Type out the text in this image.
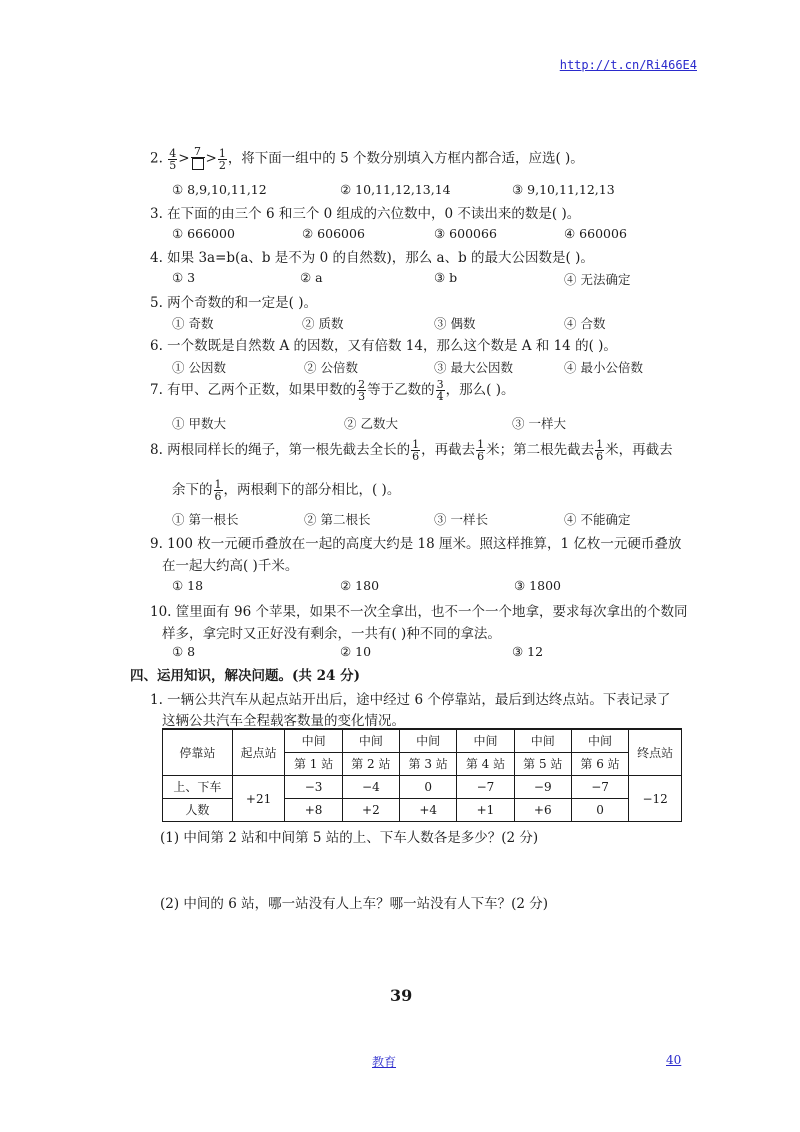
http://t.cn/Ri466E4
2. $\frac{4}{5} > 7 > \frac{1}{2}$ ，将下面一组中的 5 个数分别填入方框内都合适，应选( )。
① 8,9,10,11,12	② 10,11,12,13,14	③ 9,10,11,12,13
3. 在下面的由三个 6 和三个 0 组成的六位数中，0 不读出来的数是( )。
① 666000	② 606006	③ 600066	④ 660006
4. 如果 3a=b(a、b 是不为 0 的自然数)，那么 a、b 的最大公因数是( )。
① 3	② a	③ b	④ 无法确定
5. 两个奇数的和一定是( )。
① 奇数	② 质数	③ 偶数	④ 合数
6. 一个数既是自然数 A 的因数，又有倍数 14，那么这个数是 A 和 14 的( )。
① 公因数	② 公倍数	③ 最大公因数	④ 最小公倍数
7. 有甲、乙两个正数，如果甲数的 $\frac{2}{3}$ 等于乙数的 $\frac{3}{4}$ ，那么( )。
① 甲数大	② 乙数大	③ 一样大
8. 两根同样长的绳子，第一根先截去全长的 $\frac{1}{6}$ ，再截去 $\frac{1}{6}$ 米；第二根先截去 $\frac{1}{6}$ 米，再截去
余下的 $\frac{1}{6}$ ，两根剩下的部分相比，( )。
① 第一根长	② 第二根长	③ 一样长	④ 不能确定
9. 100 枚一元硬币叠放在一起的高度大约是 18 厘米。照这样推算，1 亿枚一元硬币叠放
在一起大约高( )千米。
① 18	② 180	③ 1800
10. 筐里面有 96 个苹果，如果不一次全拿出，也不一个一个地拿，要求每次拿出的个数同
样多，拿完时又正好没有剩余，一共有( )种不同的拿法。
① 8	② 10	③ 12
四、运用知识，解决问题。(共 24 分)
1. 一辆公共汽车从起点站开出后，途中经过 6 个停靠站，最后到达终点站。下表记录了
这辆公共汽车全程载客数量的变化情况。
停靠站	起点站	中间	中间	中间	中间	中间	中间	终点站
		第 1 站	第 2 站	第 3 站	第 4 站	第 5 站	第 6 站	
上、下车	+21	−3	−4	0	−7	−9	−7	−12
人数		+8	+2	+4	+1	+6	0	
(1) 中间第 2 站和中间第 5 站的上、下车人数各是多少？(2 分)
(2) 中间的 6 站，哪一站没有人上车？哪一站没有人下车？(2 分)
39
教育	40
